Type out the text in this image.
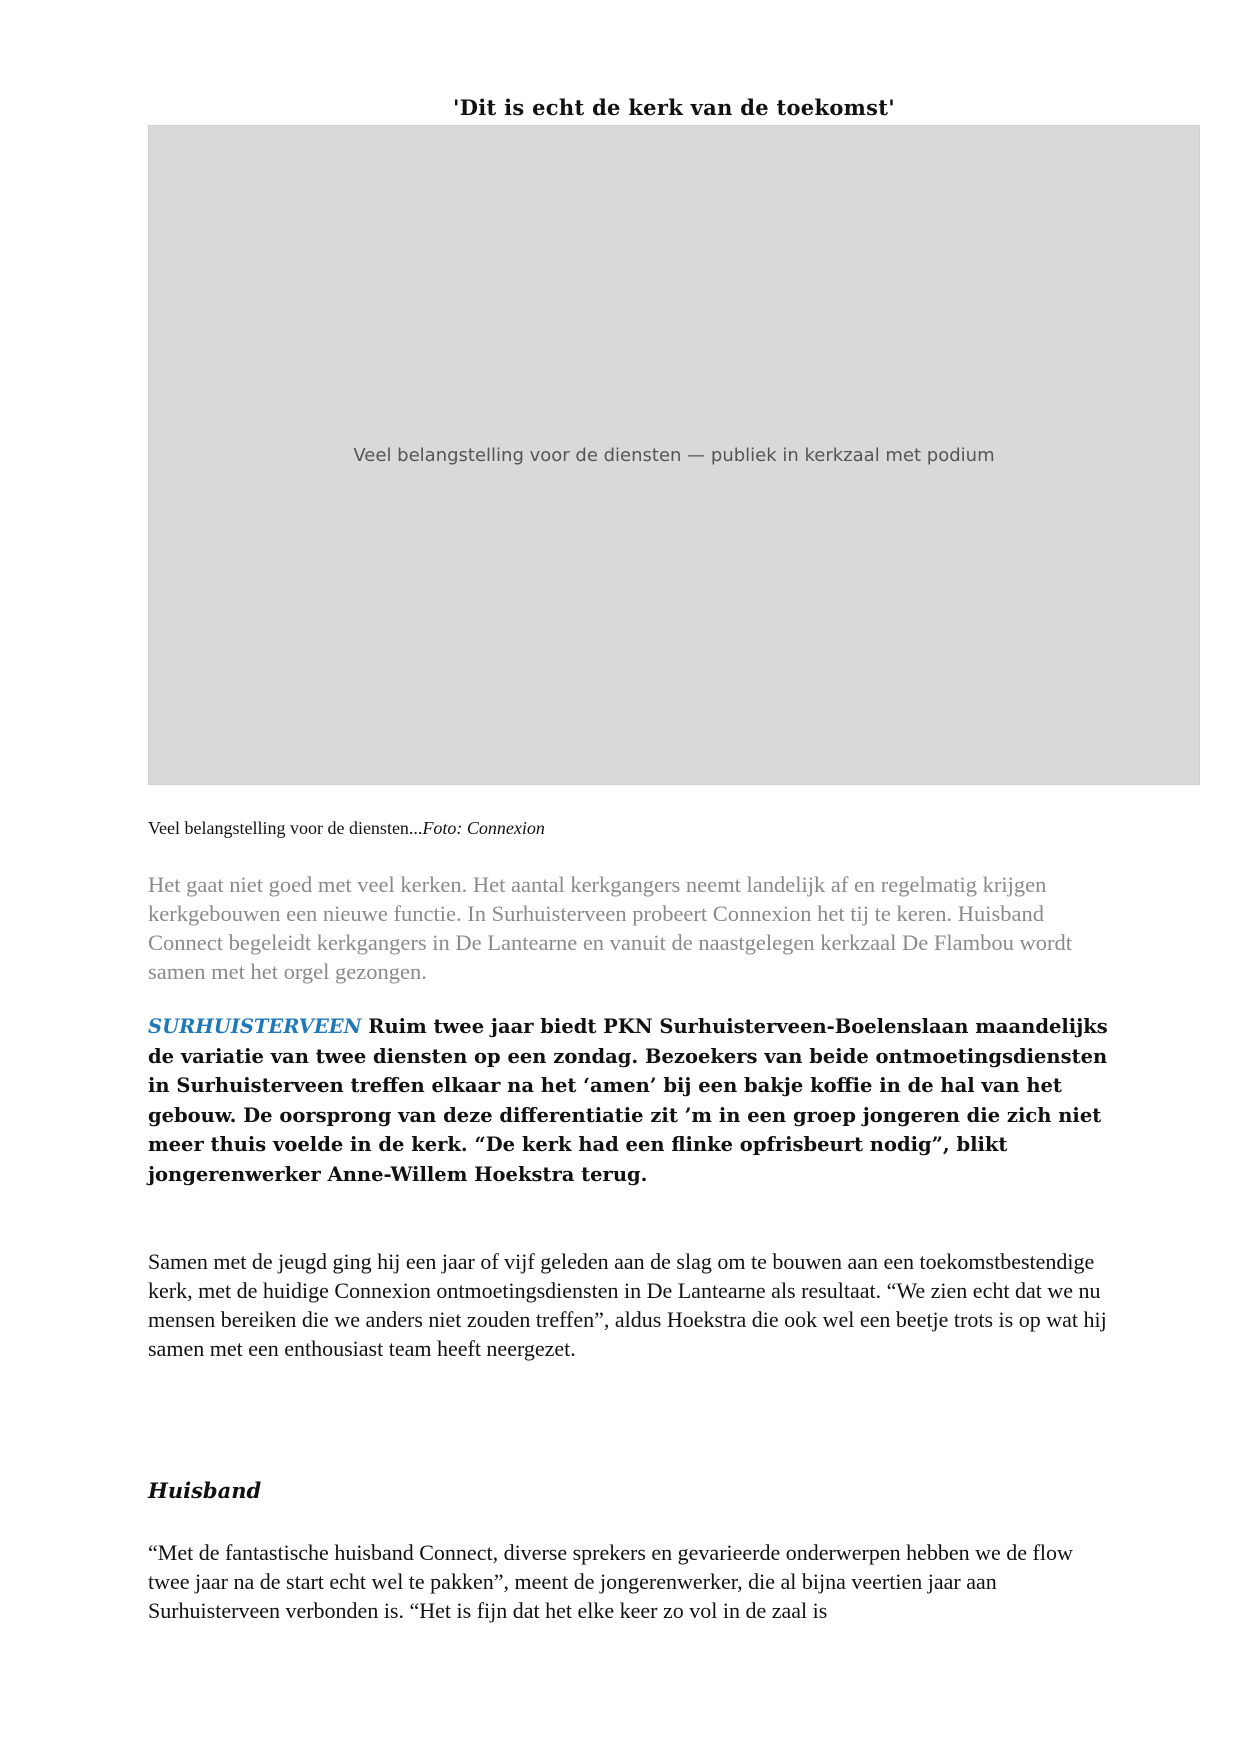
'Dit is echt de kerk van de toekomst'
Veel belangstelling voor de diensten — publiek in kerkzaal met podium
Veel belangstelling voor de diensten...Foto: Connexion
Het gaat niet goed met veel kerken. Het aantal kerkgangers neemt landelijk af en regelmatig krijgen kerkgebouwen een nieuwe functie. In Surhuisterveen probeert Connexion het tij te keren. Huisband Connect begeleidt kerkgangers in De Lantearne en vanuit de naastgelegen kerkzaal De Flambou wordt samen met het orgel gezongen.
SURHUISTERVEEN Ruim twee jaar biedt PKN Surhuisterveen-Boelenslaan maandelijks de variatie van twee diensten op een zondag. Bezoekers van beide ontmoetingsdiensten in Surhuisterveen treffen elkaar na het ‘amen’ bij een bakje koffie in de hal van het gebouw. De oorsprong van deze differentiatie zit ’m in een groep jongeren die zich niet meer thuis voelde in de kerk. “De kerk had een flinke opfrisbeurt nodig”, blikt jongerenwerker Anne-Willem Hoekstra terug.
Samen met de jeugd ging hij een jaar of vijf geleden aan de slag om te bouwen aan een toekomstbestendige kerk, met de huidige Connexion ontmoetingsdiensten in De Lantearne als resultaat. “We zien echt dat we nu mensen bereiken die we anders niet zouden treffen”, aldus Hoekstra die ook wel een beetje trots is op wat hij samen met een enthousiast team heeft neergezet.
Huisband
“Met de fantastische huisband Connect, diverse sprekers en gevarieerde onderwerpen hebben we de flow twee jaar na de start echt wel te pakken”, meent de jongerenwerker, die al bijna veertien jaar aan Surhuisterveen verbonden is. “Het is fijn dat het elke keer zo vol in de zaal is
